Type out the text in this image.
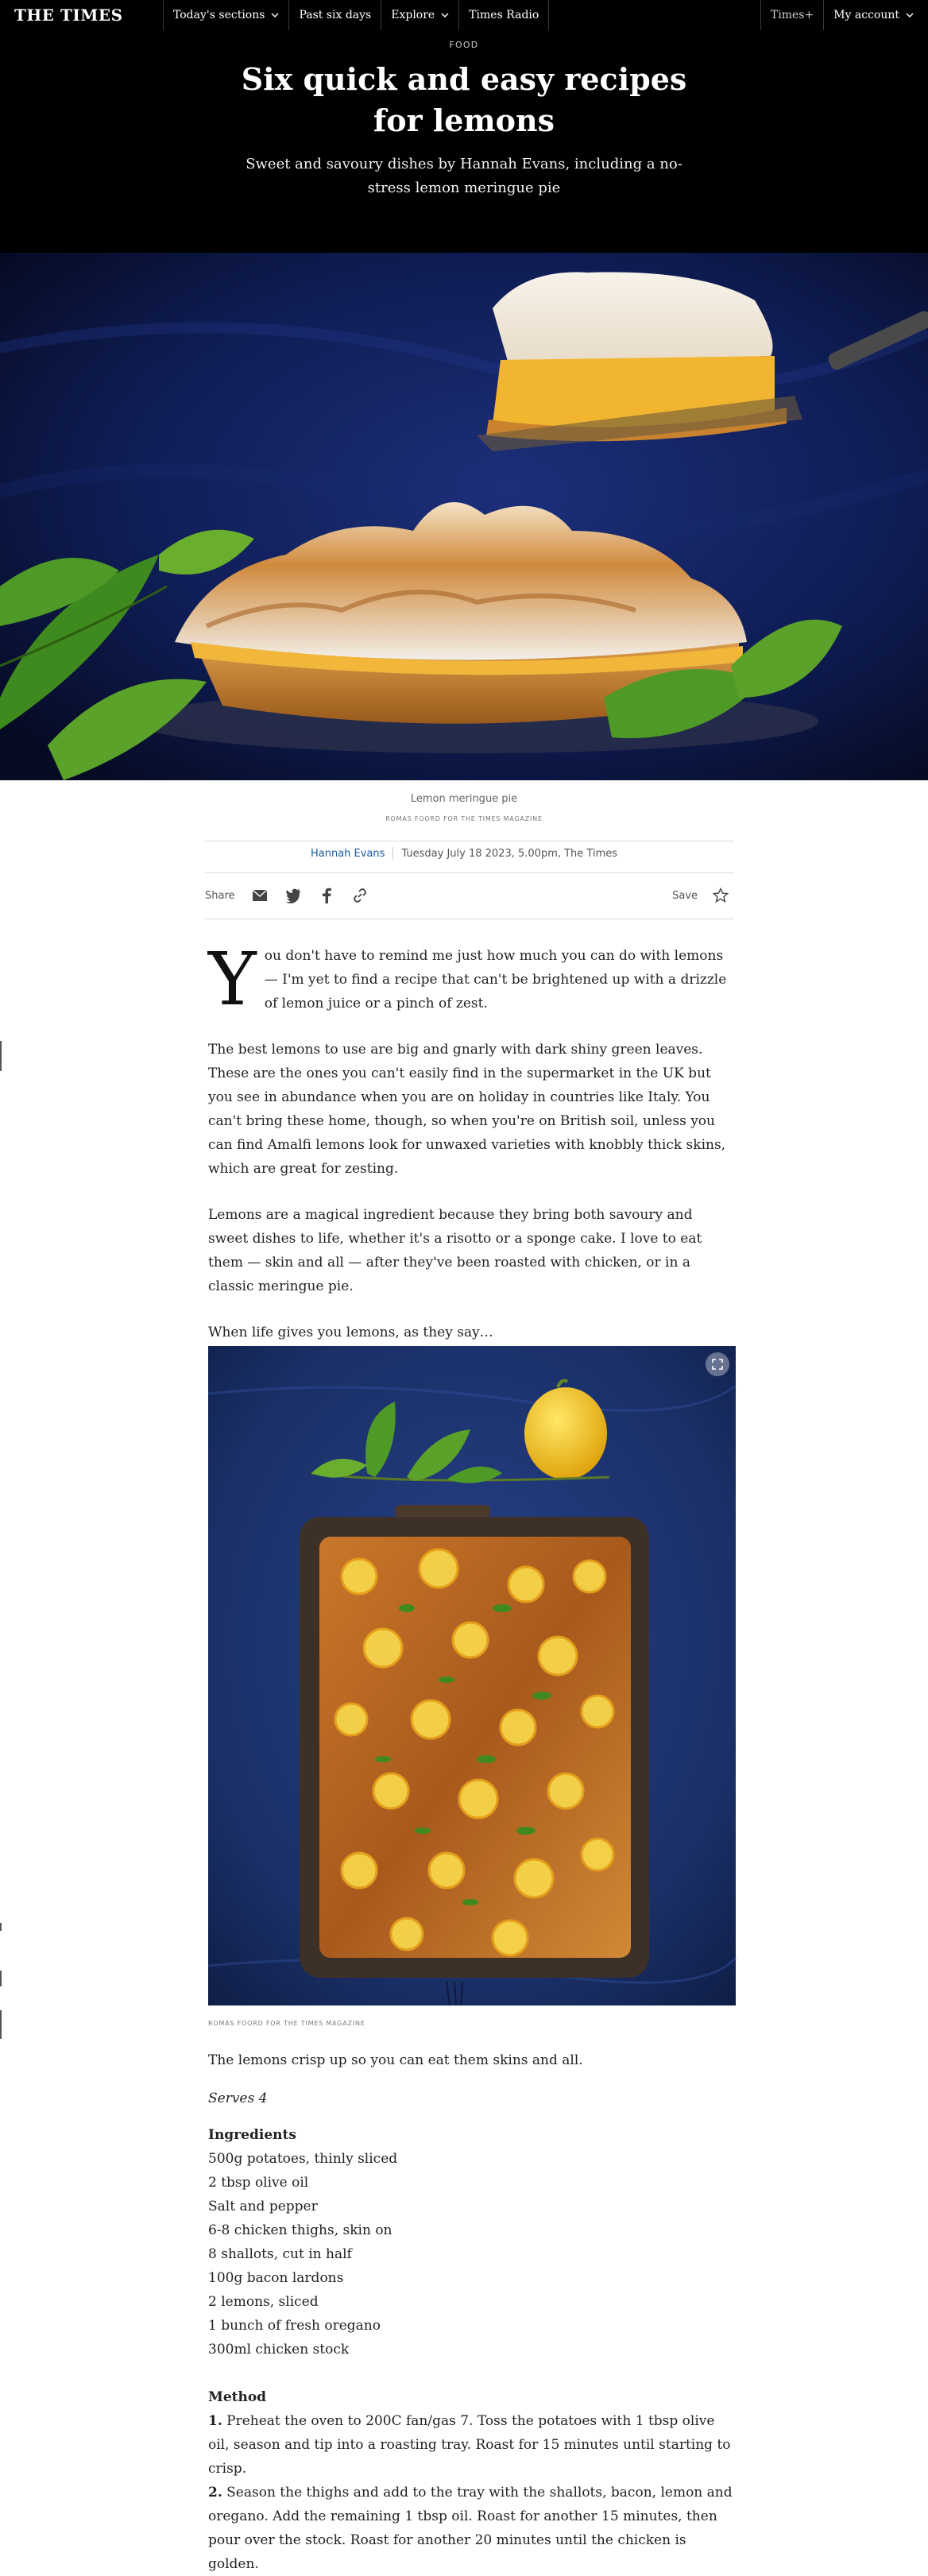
THE TIMES	Today's sections	Past six days Explore	Times Radio	Times+ My account
FOOD
Six quick and easy recipes for lemons

Sweet and savoury dishes by Hannah Evans, including a no-stress lemon meringue pie

Lemon meringue pie
ROMAS FOORD FOR THE TIMES MAGAZINE
Hannah Evans Tuesday July 18 2023, 5.00pm, The Times
Share	Save
Y ou don't have to remind me just how much you can do with lemons — I'm yet to find a recipe that can't be brightened up with a drizzle of lemon juice or a pinch of zest.

The best lemons to use are big and gnarly with dark shiny green leaves. These are the ones you can't easily find in the supermarket in the UK but you see in abundance when you are on holiday in countries like Italy. You can't bring these home, though, so when you're on British soil, unless you can find Amalfi lemons look for unwaxed varieties with knobbly thick skins, which are great for zesting.

Lemons are a magical ingredient because they bring both savoury and sweet dishes to life, whether it's a risotto or a sponge cake. I love to eat them — skin and all — after they've been roasted with chicken, or in a classic meringue pie.

When life gives you lemons, as they say…

ROMAS FOORD FOR THE TIMES MAGAZINE

The lemons crisp up so you can eat them skins and all.

Serves 4

Ingredients

500g potatoes, thinly sliced
2 tbsp olive oil
Salt and pepper
6-8 chicken thighs, skin on
8 shallots, cut in half
100g bacon lardons
2 lemons, sliced
1 bunch of fresh oregano
300ml chicken stock

Method

1. Preheat the oven to 200C fan/gas 7. Toss the potatoes with 1 tbsp olive oil, season and tip into a roasting tray. Roast for 15 minutes until starting to crisp.

2. Season the thighs and add to the tray with the shallots, bacon, lemon and oregano. Add the remaining 1 tbsp oil. Roast for another 15 minutes, then pour over the stock. Roast for another 20 minutes until the chicken is golden.
